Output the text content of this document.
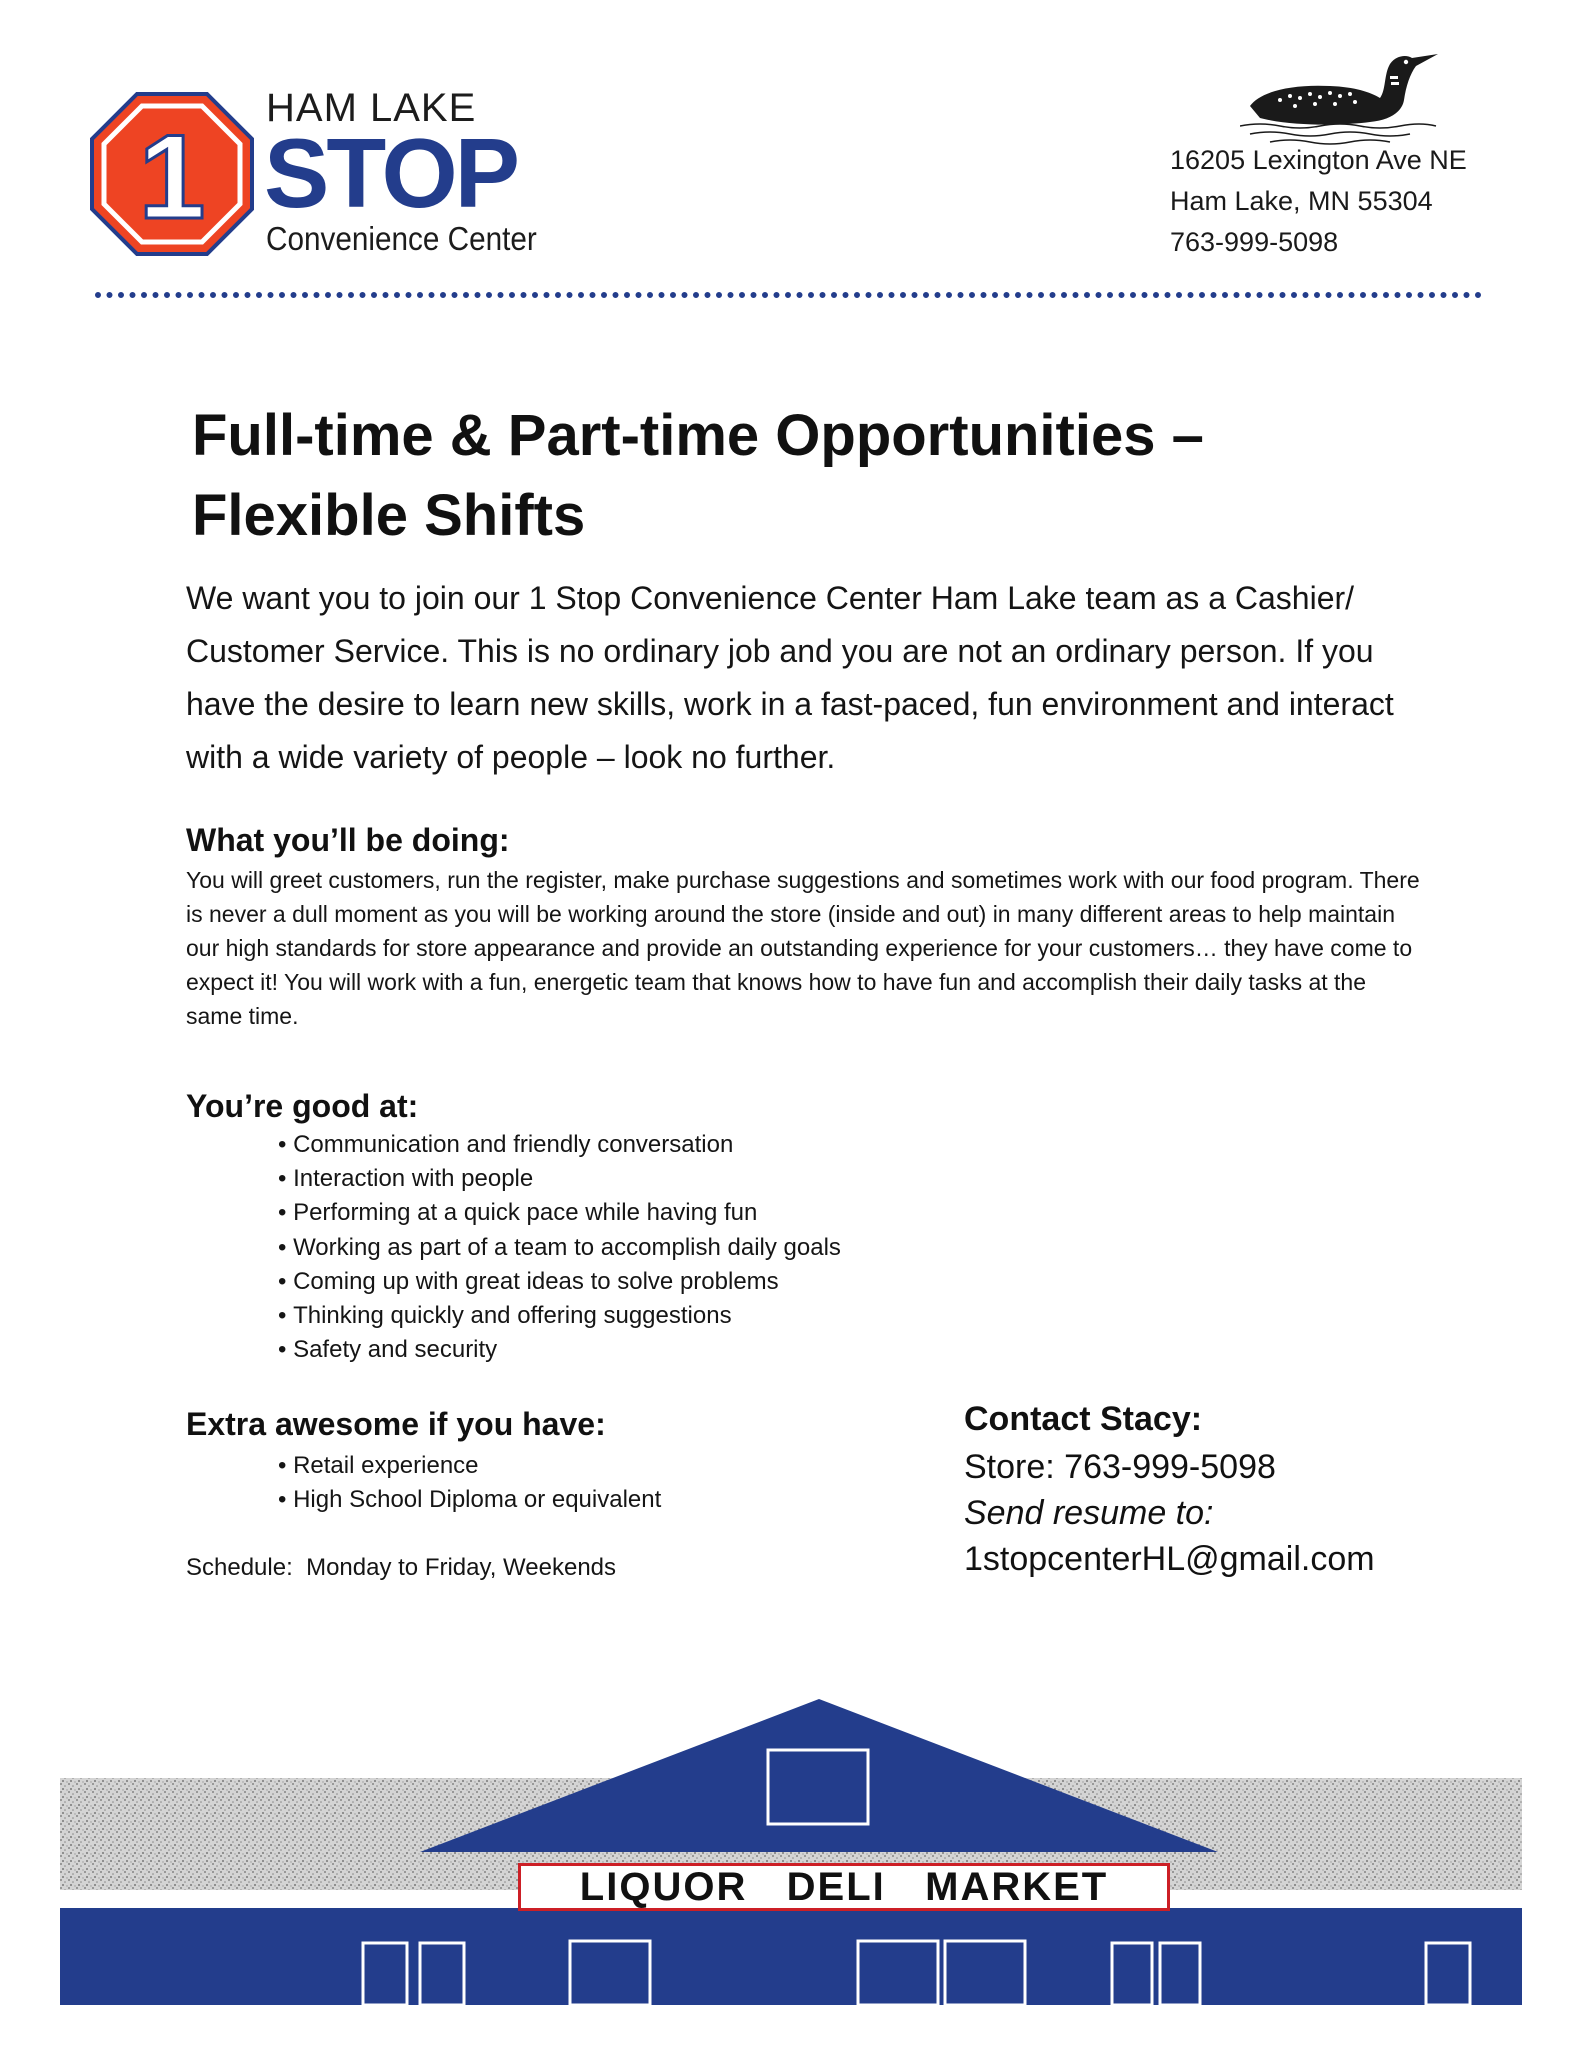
1
HAM LAKE
STOP
Convenience Center
16205 Lexington Ave NE
Ham Lake, MN 55304
763-999-5098
Full-time & Part-time Opportunities –
Flexible Shifts
We want you to join our 1 Stop Convenience Center Ham Lake team as a Cashier/ Customer Service. This is no ordinary job and you are not an ordinary person. If you have the desire to learn new skills, work in a fast-paced, fun environment and interact with a wide variety of people – look no further.
What you’ll be doing:
You will greet customers, run the register, make purchase suggestions and sometimes work with our food program. There is never a dull moment as you will be working around the store (inside and out) in many different areas to help maintain our high standards for store appearance and provide an outstanding experience for your customers… they have come to expect it! You will work with a fun, energetic team that knows how to have fun and accomplish their daily tasks at the same time.
You’re good at:
• Communication and friendly conversation
• Interaction with people
• Performing at a quick pace while having fun
• Working as part of a team to accomplish daily goals
• Coming up with great ideas to solve problems
• Thinking quickly and offering suggestions
• Safety and security
Extra awesome if you have:
• Retail experience
• High School Diploma or equivalent
Schedule:  Monday to Friday, Weekends
Contact Stacy:
Store: 763-999-5098
Send resume to:
1stopcenterHL@gmail.com
LIQUOR   DELI   MARKET
